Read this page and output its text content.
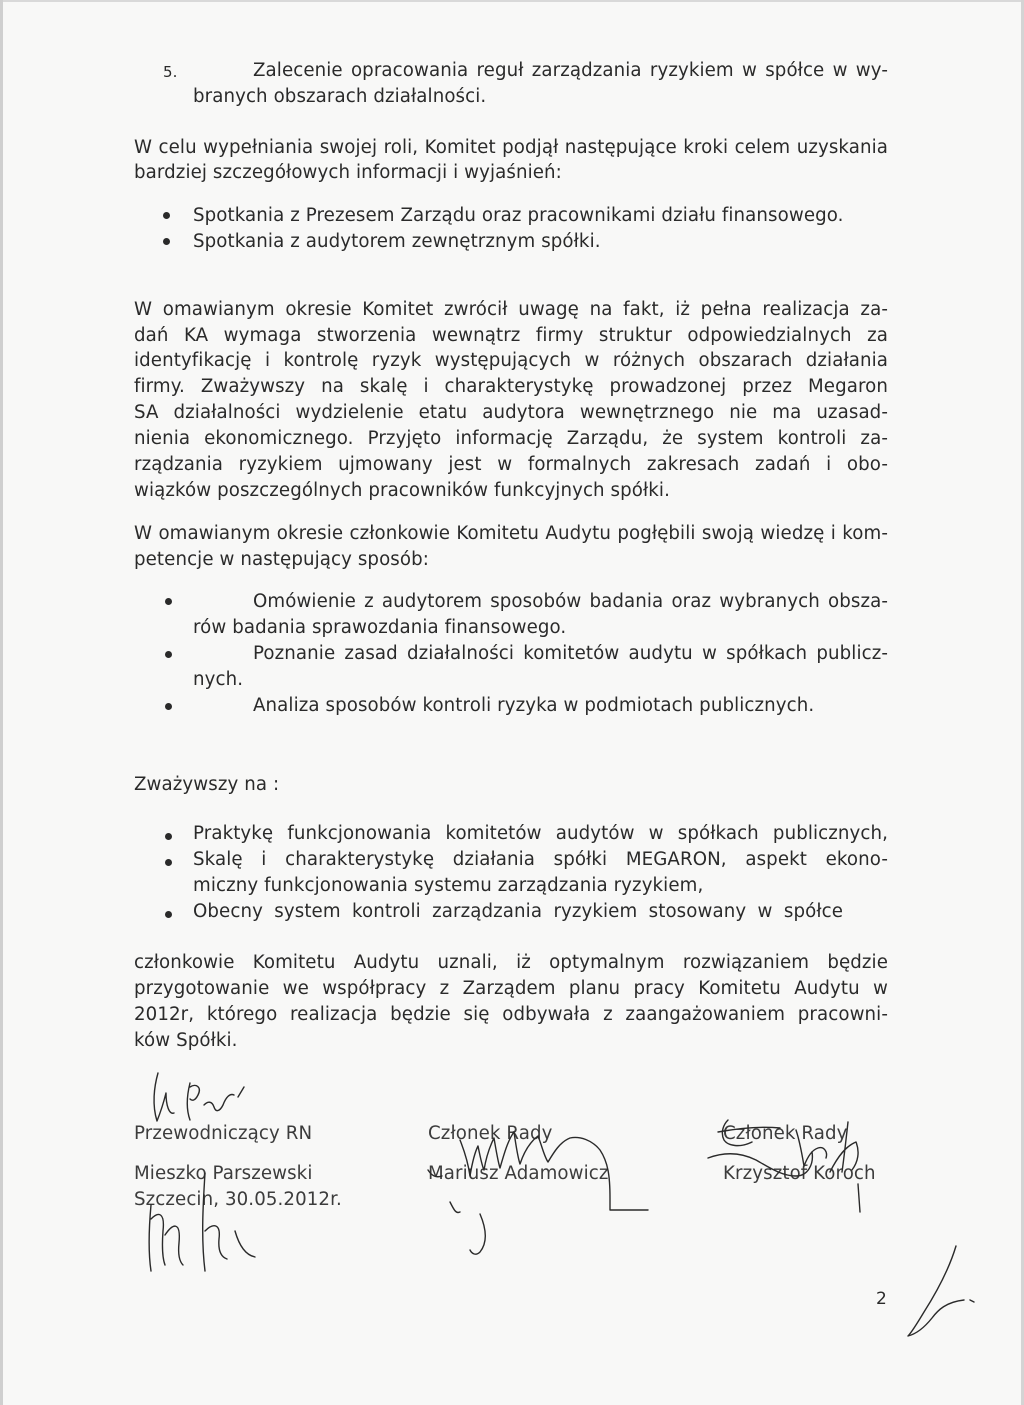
5.	Zalecenie opracowania reguł zarządzania ryzykiem w spółce w wy-
branych obszarach działalności.
W celu wypełniania swojej roli, Komitet podjął następujące kroki celem uzyskania
bardziej szczegółowych informacji i wyjaśnień:
Spotkania z Prezesem Zarządu oraz pracownikami działu finansowego.
Spotkania z audytorem zewnętrznym spółki.
W omawianym okresie Komitet zwrócił uwagę na fakt, iż pełna realizacja za-
dań KA wymaga stworzenia wewnątrz firmy struktur odpowiedzialnych za
identyfikację i kontrolę ryzyk występujących w różnych obszarach działania
firmy. Zważywszy na skalę i charakterystykę prowadzonej przez Megaron
SA działalności wydzielenie etatu audytora wewnętrznego nie ma uzasad-
nienia ekonomicznego. Przyjęto informację Zarządu, że system kontroli za-
rządzania ryzykiem ujmowany jest w formalnych zakresach zadań i obo-
wiązków poszczególnych pracowników funkcyjnych spółki.
W omawianym okresie członkowie Komitetu Audytu pogłębili swoją wiedzę i kom-
petencje w następujący sposób:
Omówienie z audytorem sposobów badania oraz wybranych obsza-
rów badania sprawozdania finansowego.
Poznanie zasad działalności komitetów audytu w spółkach publicz-
nych.
Analiza sposobów kontroli ryzyka w podmiotach publicznych.
Zważywszy na :
Praktykę funkcjonowania komitetów audytów w spółkach publicznych,
Skalę i charakterystykę działania spółki MEGARON, aspekt ekono-
miczny funkcjonowania systemu zarządzania ryzykiem,
Obecny system kontroli zarządzania ryzykiem stosowany w spółce
członkowie Komitetu Audytu uznali, iż optymalnym rozwiązaniem będzie
przygotowanie we współpracy z Zarządem planu pracy Komitetu Audytu w
2012r, którego realizacja będzie się odbywała z zaangażowaniem pracowni-
ków Spółki.
Przewodniczący RN
Mieszko Parszewski
Szczecin, 30.05.2012r.
Członek Rady
Mariusz Adamowicz
Członek Rady
Krzysztof Koroch
2
